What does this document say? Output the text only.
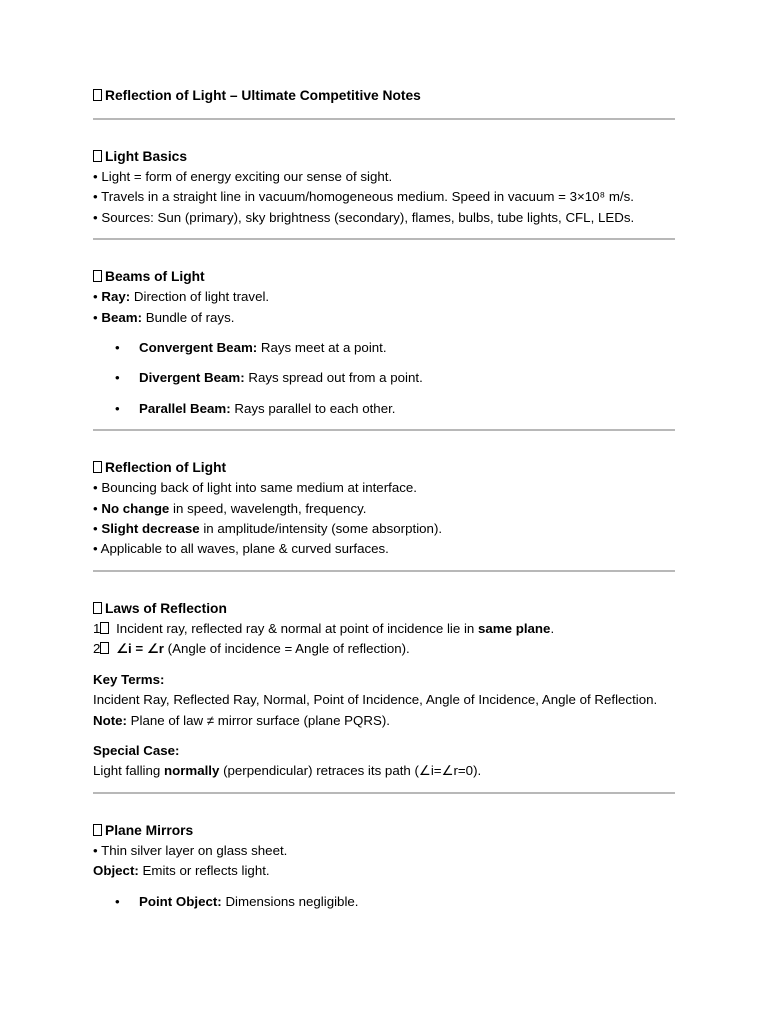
Reflection of Light – Ultimate Competitive Notes
Light Basics
• Light = form of energy exciting our sense of sight.
• Travels in a straight line in vacuum/homogeneous medium. Speed in vacuum = 3×10⁸ m/s.
• Sources: Sun (primary), sky brightness (secondary), flames, bulbs, tube lights, CFL, LEDs.
Beams of Light
• Ray: Direction of light travel.
• Beam: Bundle of rays.
• Convergent Beam: Rays meet at a point.
• Divergent Beam: Rays spread out from a point.
• Parallel Beam: Rays parallel to each other.
Reflection of Light
• Bouncing back of light into same medium at interface.
• No change in speed, wavelength, frequency.
• Slight decrease in amplitude/intensity (some absorption).
• Applicable to all waves, plane & curved surfaces.
Laws of Reflection
1 Incident ray, reflected ray & normal at point of incidence lie in same plane.
2 ∠i = ∠r (Angle of incidence = Angle of reflection).
Key Terms:
Incident Ray, Reflected Ray, Normal, Point of Incidence, Angle of Incidence, Angle of Reflection.
Note: Plane of law ≠ mirror surface (plane PQRS).
Special Case:
Light falling normally (perpendicular) retraces its path (∠i=∠r=0).
Plane Mirrors
• Thin silver layer on glass sheet.
Object: Emits or reflects light.
• Point Object: Dimensions negligible.
